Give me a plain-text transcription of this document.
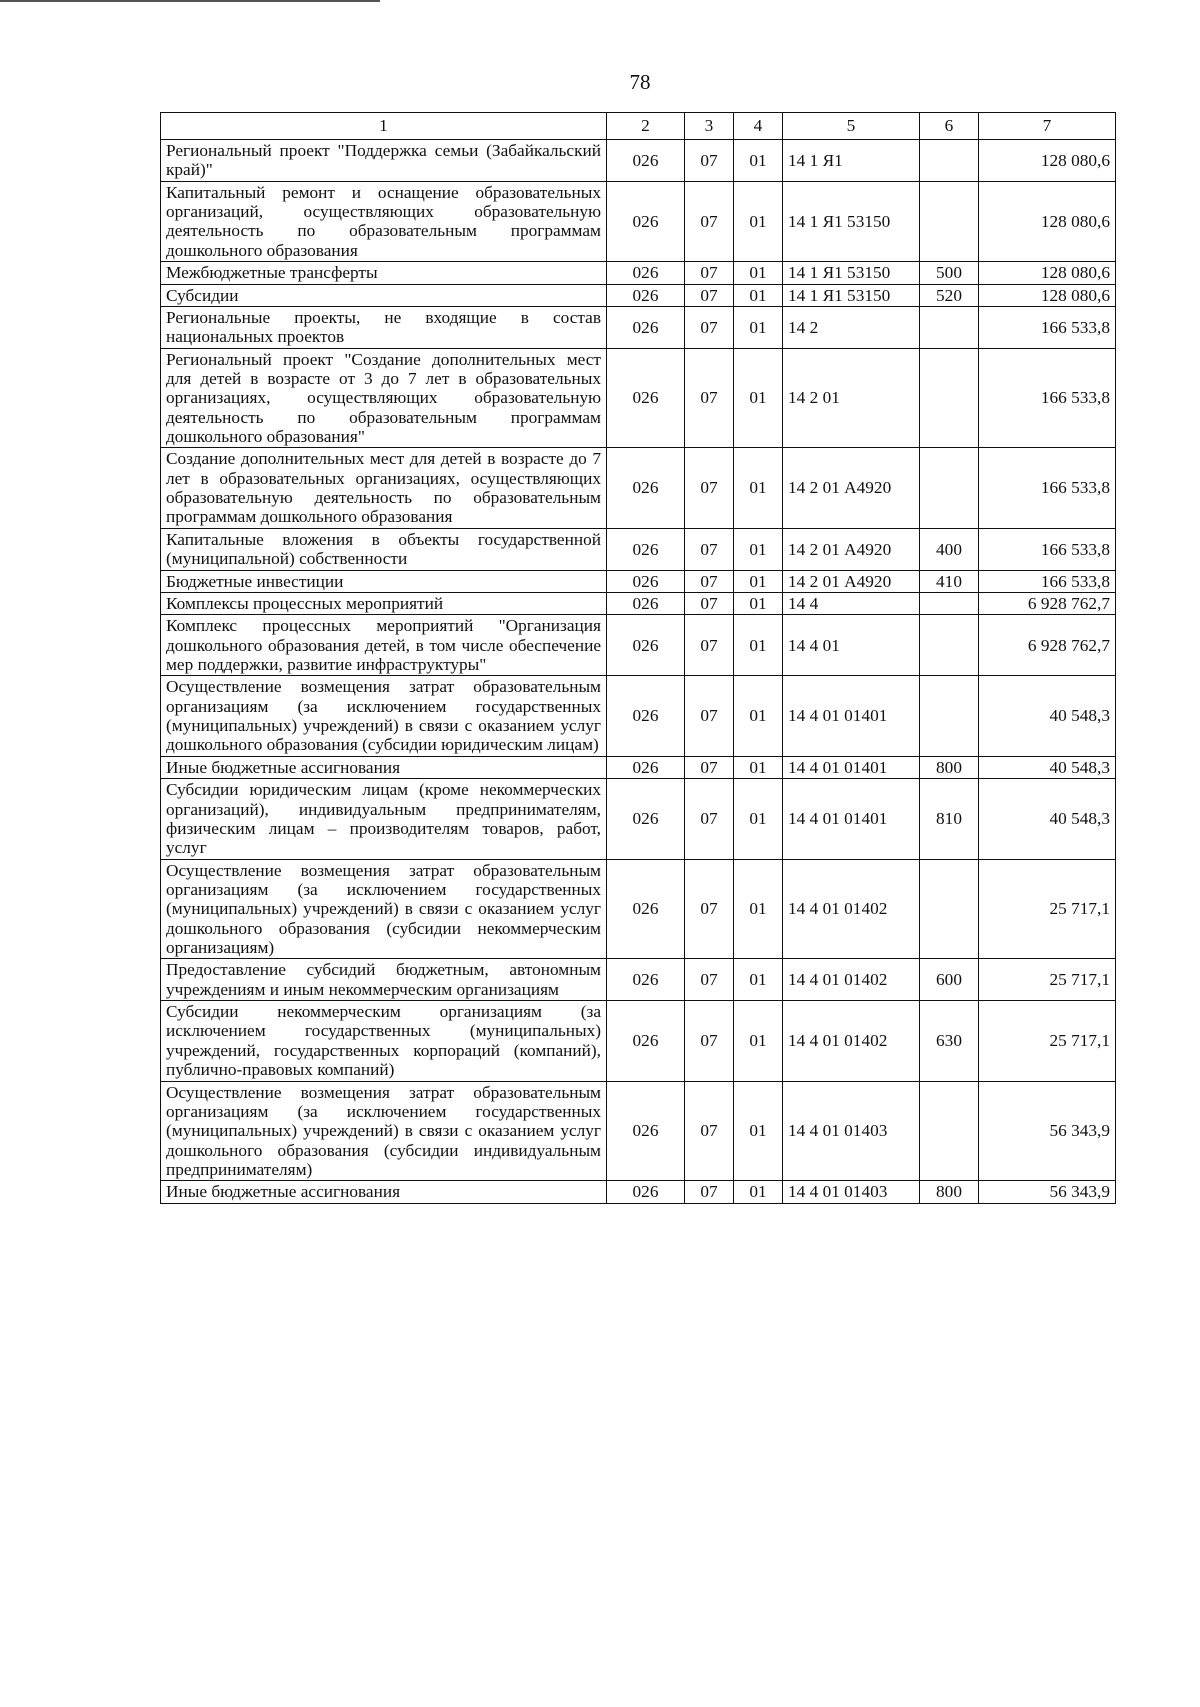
78
1	2	3	4	5	6	7
Региональный проект "Поддержка семьи (Забайкальский край)"	026	07	01	14 1 Я1		128 080,6
Капитальный ремонт и оснащение образовательных организаций, осуществляющих образовательную деятельность по образовательным программам дошкольного образования	026	07	01	14 1 Я1 53150		128 080,6
Межбюджетные трансферты	026	07	01	14 1 Я1 53150	500	128 080,6
Субсидии	026	07	01	14 1 Я1 53150	520	128 080,6
Региональные проекты, не входящие в состав национальных проектов	026	07	01	14 2		166 533,8
Региональный проект "Создание дополнительных мест для детей в возрасте от 3 до 7 лет в образовательных организациях, осуществляющих образовательную деятельность по образовательным программам дошкольного образования"	026	07	01	14 2 01		166 533,8
Создание дополнительных мест для детей в возрасте до 7 лет в образовательных организациях, осуществляющих образовательную деятельность по образовательным программам дошкольного образования	026	07	01	14 2 01 А4920		166 533,8
Капитальные вложения в объекты государственной (муниципальной) собственности	026	07	01	14 2 01 А4920	400	166 533,8
Бюджетные инвестиции	026	07	01	14 2 01 А4920	410	166 533,8
Комплексы процессных мероприятий	026	07	01	14 4		6 928 762,7
Комплекс процессных мероприятий "Организация дошкольного образования детей, в том числе обеспечение мер поддержки, развитие инфраструктуры"	026	07	01	14 4 01		6 928 762,7
Осуществление возмещения затрат образовательным организациям (за исключением государственных (муниципальных) учреждений) в связи с оказанием услуг дошкольного образования (субсидии юридическим лицам)	026	07	01	14 4 01 01401		40 548,3
Иные бюджетные ассигнования	026	07	01	14 4 01 01401	800	40 548,3
Субсидии юридическим лицам (кроме некоммерческих организаций), индивидуальным предпринимателям, физическим лицам – производителям товаров, работ, услуг	026	07	01	14 4 01 01401	810	40 548,3
Осуществление возмещения затрат образовательным организациям (за исключением государственных (муниципальных) учреждений) в связи с оказанием услуг дошкольного образования (субсидии некоммерческим организациям)	026	07	01	14 4 01 01402		25 717,1
Предоставление субсидий бюджетным, автономным учреждениям и иным некоммерческим организациям	026	07	01	14 4 01 01402	600	25 717,1
Субсидии некоммерческим организациям (за исключением государственных (муниципальных) учреждений, государственных корпораций (компаний), публично-правовых компаний)	026	07	01	14 4 01 01402	630	25 717,1
Осуществление возмещения затрат образовательным организациям (за исключением государственных (муниципальных) учреждений) в связи с оказанием услуг дошкольного образования (субсидии индивидуальным предпринимателям)	026	07	01	14 4 01 01403		56 343,9
Иные бюджетные ассигнования	026	07	01	14 4 01 01403	800	56 343,9
